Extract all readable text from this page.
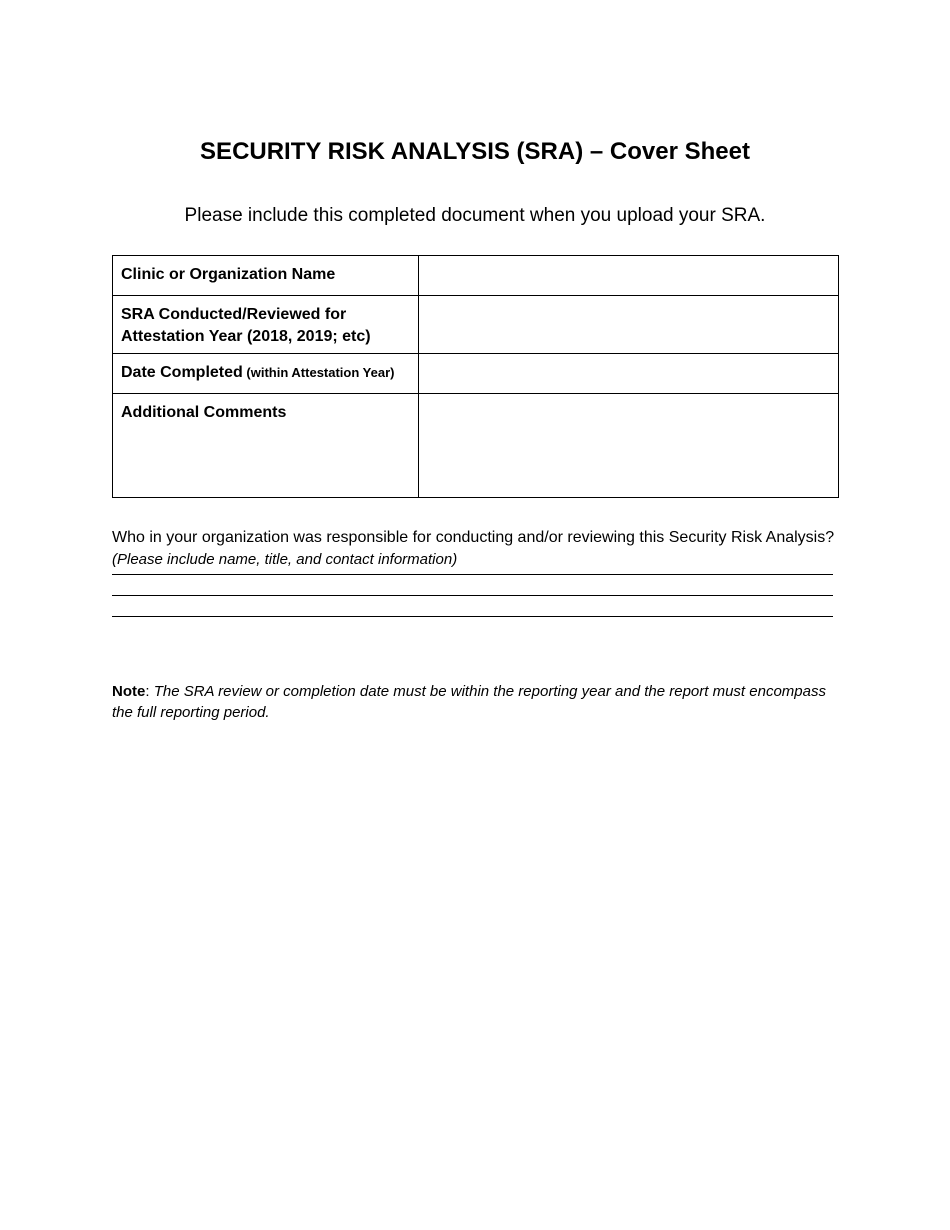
SECURITY RISK ANALYSIS (SRA) – Cover Sheet
Please include this completed document when you upload your SRA.
Clinic or Organization Name	

SRA Conducted/Reviewed for
Attestation Year (2018, 2019; etc)	

Date Completed (within Attestation Year)	
Additional Comments	
Who in your organization was responsible for conducting and/or reviewing this Security Risk Analysis? (Please include name, title, and contact information)
Note: The SRA review or completion date must be within the reporting year and the report must encompass the full reporting period.
